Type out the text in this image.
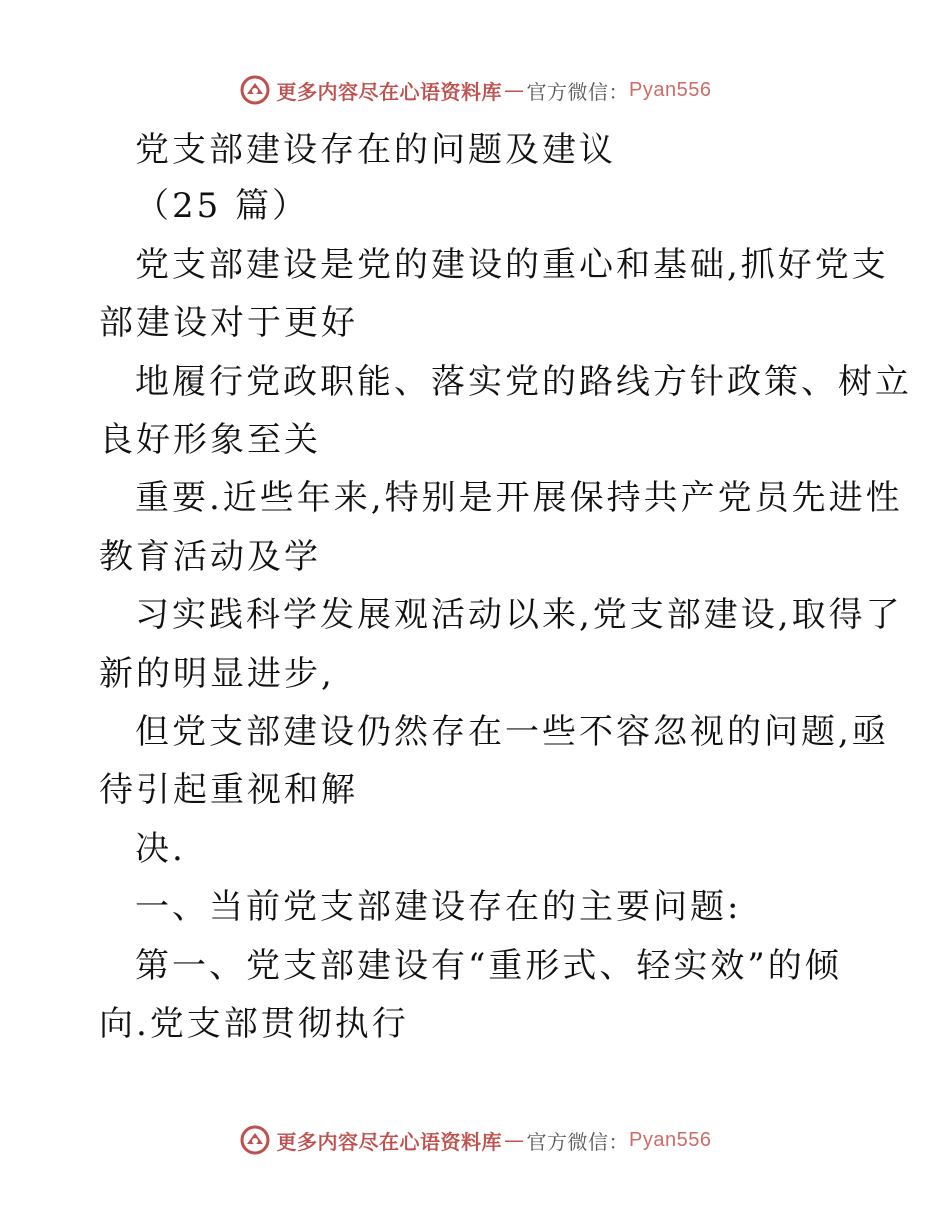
更多内容尽在心语资料库 — 官方微信： Pyan556
党支部建设存在的问题及建议
（25 篇）
党支部建设是党的建设的重心和基础,抓好党支
部建设对于更好
地履行党政职能、落实党的路线方针政策、树立
良好形象至关
重要.近些年来,特别是开展保持共产党员先进性
教育活动及学
习实践科学发展观活动以来,党支部建设,取得了
新的明显进步,
但党支部建设仍然存在一些不容忽视的问题,亟
待引起重视和解
决.
一、当前党支部建设存在的主要问题:
第一、党支部建设有“重形式、轻实效”的倾
向.党支部贯彻执行
更多内容尽在心语资料库 — 官方微信： Pyan556
